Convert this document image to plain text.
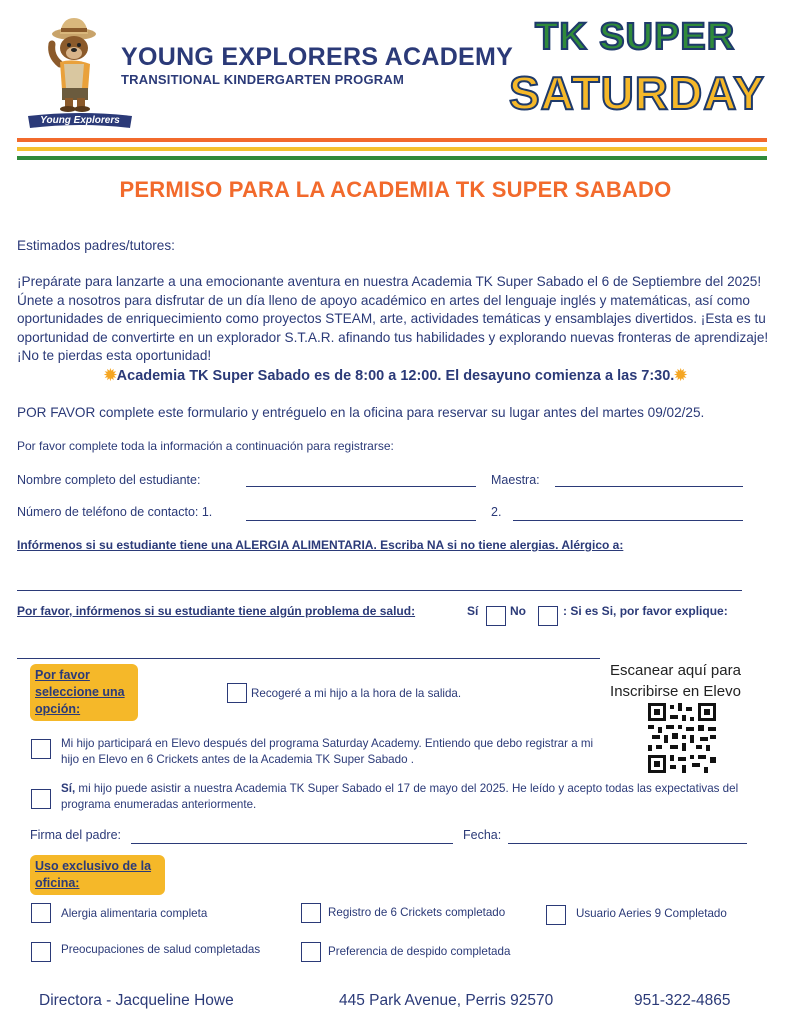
Young Explorers
YOUNG EXPLORERS ACADEMY
TRANSITIONAL KINDERGARTEN PROGRAM
TK SUPER
SATURDAY
PERMISO PARA LA ACADEMIA TK SUPER SABADO
Estimados padres/tutores:
¡Prepárate para lanzarte a una emocionante aventura en nuestra Academia TK Super Sabado el 6 de Septiembre del 2025! Únete a nosotros para disfrutar de un día lleno de apoyo académico en artes del lenguaje inglés y matemáticas, así como oportunidades de enriquecimiento como proyectos STEAM, arte, actividades temáticas y ensamblajes divertidos. ¡Esta es tu oportunidad de convertirte en un explorador S.T.A.R. afinando tus habilidades y explorando nuevas fronteras de aprendizaje! ¡No te pierdas esta oportunidad!
✹Academia TK Super Sabado es de 8:00 a 12:00. El desayuno comienza a las 7:30.✹
POR FAVOR complete este formulario y entréguelo en la oficina para reservar su lugar antes del martes 09/02/25.
Por favor complete toda la información a continuación para registrarse:
Nombre completo del estudiante:	Maestra:
Número de teléfono de contacto: 1.	2.
Infórmenos si su estudiante tiene una ALERGIA ALIMENTARIA. Escriba NA si no tiene alergias. Alérgico a:
Por favor, infórmenos si su estudiante tiene algún problema de salud:	Sí	No	: Si es Si, por favor explique:
Por favor seleccione una opción:
Recogeré a mi hijo a la hora de la salida.
Escanear aquí para Inscribirse en Elevo
Mi hijo participará en Elevo después del programa Saturday Academy. Entiendo que debo registrar a mi hijo en Elevo en 6 Crickets antes de la Academia TK Super Sabado .
Sí, mi hijo puede asistir a nuestra Academia TK Super Sabado el 17 de mayo del 2025. He leído y acepto todas las expectativas del programa enumeradas anteriormente.
Firma del padre:	Fecha:
Uso exclusivo de la oficina:
Alergia alimentaria completa	Registro de 6 Crickets completado	Usuario Aeries 9 Completado
Preocupaciones de salud completadas	Preferencia de despido completada
Directora - Jacqueline Howe	445 Park Avenue, Perris 92570	951-322-4865
